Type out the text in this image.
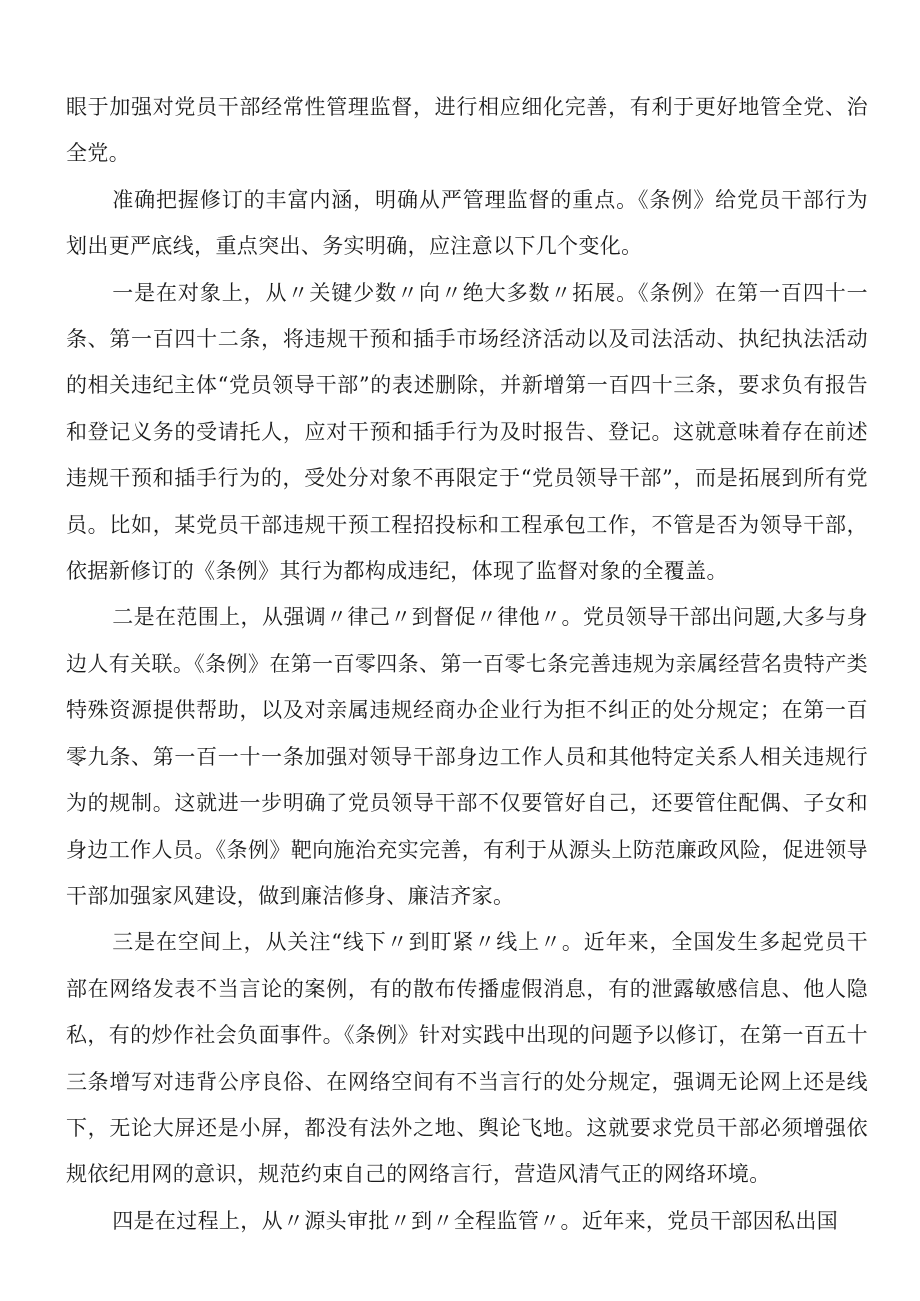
眼于加强对党员干部经常性管理监督，进行相应细化完善，有利于更好地管全党、治全党。

准确把握修订的丰富内涵，明确从严管理监督的重点。《条例》给党员干部行为划出更严底线，重点突出、务实明确，应注意以下几个变化。

一是在对象上，从〃关键少数〃向〃绝大多数〃拓展。《条例》在第一百四十一条、第一百四十二条，将违规干预和插手市场经济活动以及司法活动、执纪执法活动的相关违纪主体“党员领导干部”的表述删除，并新增第一百四十三条，要求负有报告和登记义务的受请托人，应对干预和插手行为及时报告、登记。这就意味着存在前述违规干预和插手行为的，受处分对象不再限定于“党员领导干部”，而是拓展到所有党员。比如，某党员干部违规干预工程招投标和工程承包工作，不管是否为领导干部，依据新修订的《条例》其行为都构成违纪，体现了监督对象的全覆盖。

二是在范围上，从强调〃律己〃到督促〃律他〃。党员领导干部出问题,大多与身边人有关联。《条例》在第一百零四条、第一百零七条完善违规为亲属经营名贵特产类特殊资源提供帮助，以及对亲属违规经商办企业行为拒不纠正的处分规定；在第一百零九条、第一百一十一条加强对领导干部身边工作人员和其他特定关系人相关违规行为的规制。这就进一步明确了党员领导干部不仅要管好自己，还要管住配偶、子女和身边工作人员。《条例》靶向施治充实完善，有利于从源头上防范廉政风险，促进领导干部加强家风建设，做到廉洁修身、廉洁齐家。

三是在空间上，从关注“线下〃到盯紧〃线上〃。近年来，全国发生多起党员干部在网络发表不当言论的案例，有的散布传播虚假消息，有的泄露敏感信息、他人隐私，有的炒作社会负面事件。《条例》针对实践中出现的问题予以修订，在第一百五十三条增写对违背公序良俗、在网络空间有不当言行的处分规定，强调无论网上还是线下，无论大屏还是小屏，都没有法外之地、舆论飞地。这就要求党员干部必须增强依规依纪用网的意识，规范约束自己的网络言行，营造风清气正的网络环境。

四是在过程上，从〃源头审批〃到〃全程监管〃。近年来，党员干部因私出国
